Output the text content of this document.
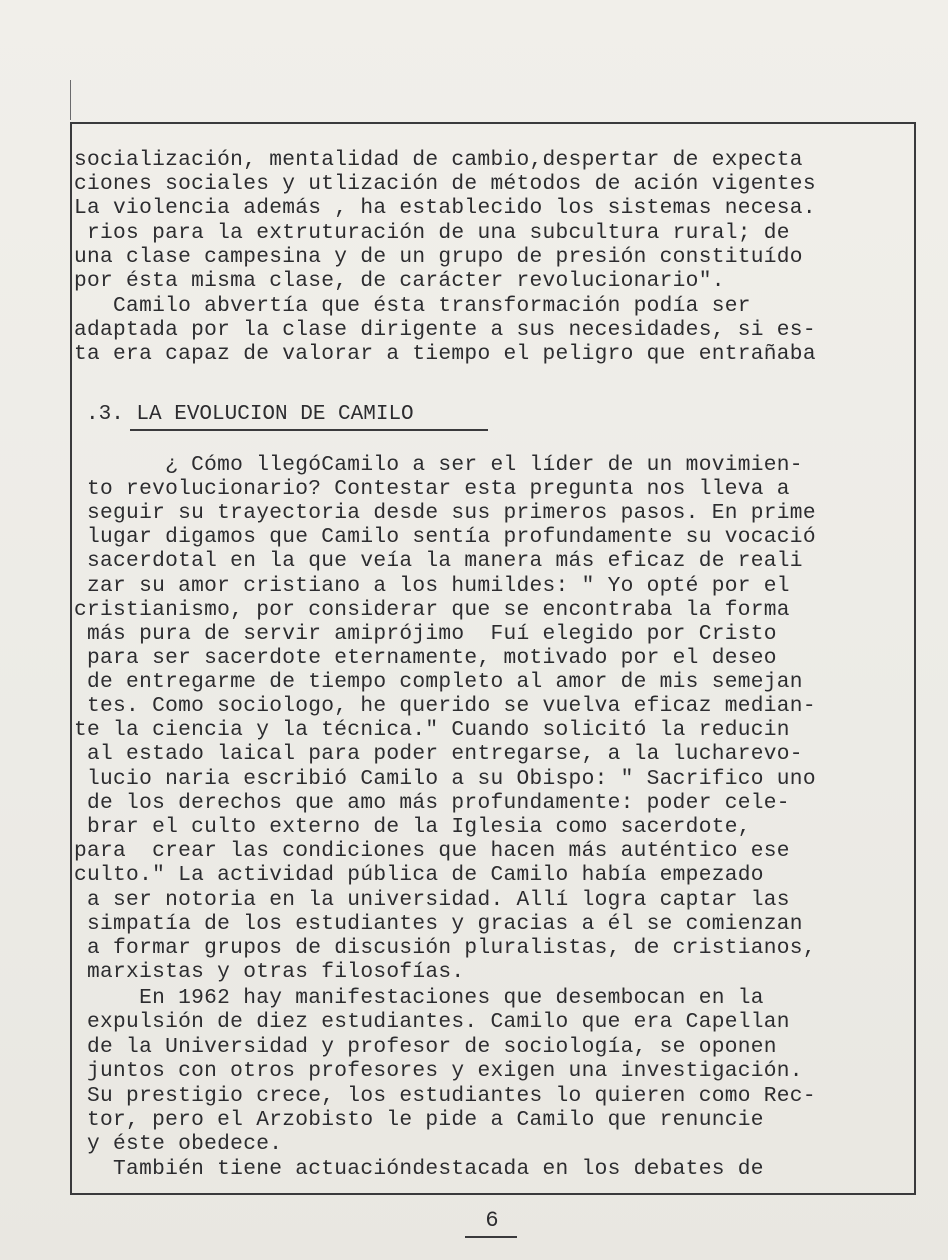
socialización, mentalidad de cambio,despertar de expecta
ciones sociales y utlización de métodos de ación vigentes
La violencia además , ha establecido los sistemas necesa.
rios para la extruturación de una subcultura rural; de
una clase campesina y de un grupo de presión constituído
por ésta misma clase, de carácter revolucionario".
Camilo abvertía que ésta transformación podía ser
adaptada por la clase dirigente a sus necesidades, si es-
ta era capaz de valorar a tiempo el peligro que entrañaba
.3. LA EVOLUCION DE CAMILO
¿ Cómo llegóCamilo a ser el líder de un movimien-
to revolucionario? Contestar esta pregunta nos lleva a
seguir su trayectoria desde sus primeros pasos. En prime
lugar digamos que Camilo sentía profundamente su vocació
sacerdotal en la que veía la manera más eficaz de reali
zar su amor cristiano a los humildes: " Yo opté por el
cristianismo, por considerar que se encontraba la forma
más pura de servir amiprójimo  Fuí elegido por Cristo
para ser sacerdote eternamente, motivado por el deseo
de entregarme de tiempo completo al amor de mis semejan
tes. Como sociologo, he querido se vuelva eficaz median-
te la ciencia y la técnica." Cuando solicitó la reducin
al estado laical para poder entregarse, a la lucharevo-
lucio naria escribió Camilo a su Obispo: " Sacrifico uno
de los derechos que amo más profundamente: poder cele-
brar el culto externo de la Iglesia como sacerdote,
para  crear las condiciones que hacen más auténtico ese
culto." La actividad pública de Camilo había empezado
a ser notoria en la universidad. Allí logra captar las
simpatía de los estudiantes y gracias a él se comienzan
a formar grupos de discusión pluralistas, de cristianos,
marxistas y otras filosofías.
En 1962 hay manifestaciones que desembocan en la
expulsión de diez estudiantes. Camilo que era Capellan
de la Universidad y profesor de sociología, se oponen
juntos con otros profesores y exigen una investigación.
Su prestigio crece, los estudiantes lo quieren como Rec-
tor, pero el Arzobisto le pide a Camilo que renuncie
y éste obedece.
También tiene actuacióndestacada en los debates de
6
